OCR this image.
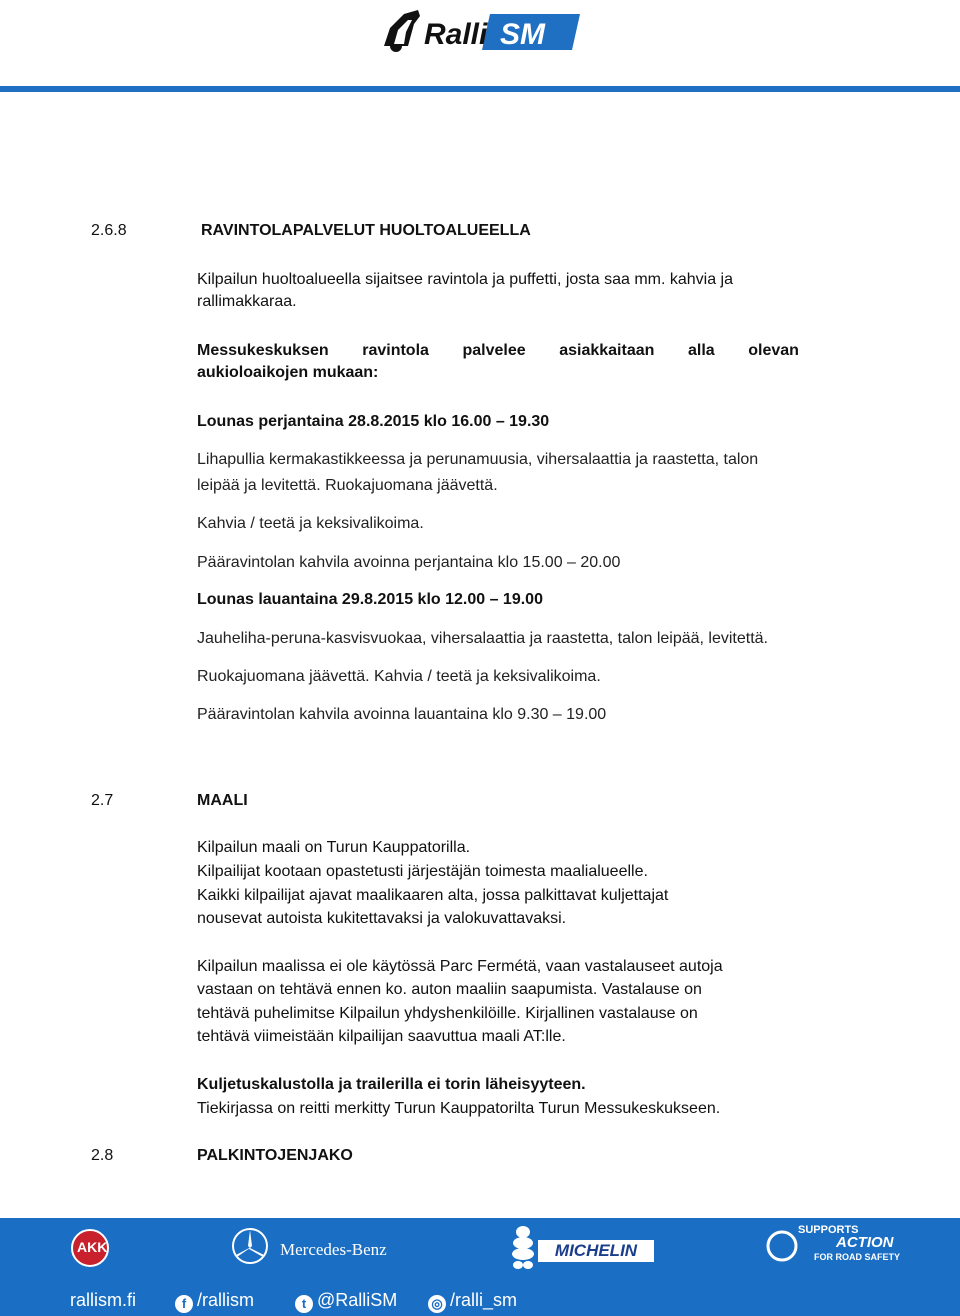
Ralli SM
2.6.8	RAVINTOLAPALVELUT HUOLTOALUEELLA
Kilpailun huoltoalueella sijaitsee ravintola ja puffetti, josta saa mm. kahvia ja
rallimakkaraa.
Messukeskuksen ravintola palvelee asiakkaitaan alla olevan
aukioloaikojen mukaan:
Lounas perjantaina 28.8.2015 klo 16.00 – 19.30
Lihapullia kermakastikkeessa ja perunamuusia, vihersalaattia ja raastetta, talon
leipää ja levitettä. Ruokajuomana jäävettä.
Kahvia / teetä ja keksivalikoima.
Pääravintolan kahvila avoinna perjantaina klo 15.00 – 20.00
Lounas lauantaina 29.8.2015 klo 12.00 – 19.00
Jauheliha-peruna-kasvisvuokaa, vihersalaattia ja raastetta, talon leipää, levitettä.
Ruokajuomana jäävettä. Kahvia / teetä ja keksivalikoima.
Pääravintolan kahvila avoinna lauantaina klo 9.30 – 19.00
2.7	MAALI
Kilpailun maali on Turun Kauppatorilla.
Kilpailijat kootaan opastetusti järjestäjän toimesta maalialueelle.
Kaikki kilpailijat ajavat maalikaaren alta, jossa palkittavat kuljettajat
nousevat autoista kukitettavaksi ja valokuvattavaksi.
Kilpailun maalissa ei ole käytössä Parc Fermétä, vaan vastalauseet autoja
vastaan on tehtävä ennen ko. auton maaliin saapumista. Vastalause on
tehtävä puhelimitse Kilpailun yhdyshenkilöille. Kirjallinen vastalause on
tehtävä viimeistään kilpailijan saavuttua maali AT:lle.
Kuljetuskalustolla ja trailerilla ei torin läheisyyteen.
Tiekirjassa on reitti merkitty Turun Kauppatorilta Turun Messukeskukseen.
2.8	PALKINTOJENJAKO
AKK	Mercedes-Benz	MICHELIN
SUPPORTS
ACTION
FOR ROAD SAFETY
rallism.fi	f /rallism	t @RalliSM	◎ /ralli_sm
